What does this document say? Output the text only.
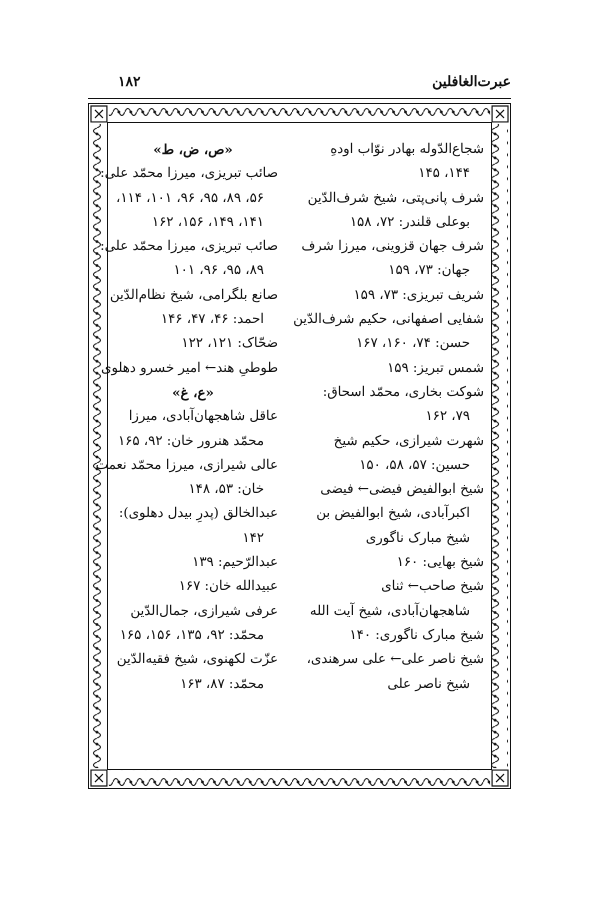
عبرت‌الغافلین
۱۸۲
شجاع‌الدّوله بهادر نوّاب اودهِ
۱۴۴، ۱۴۵
شرف پانی‌پتی، شیخ شرف‌الدّین
بوعلی قلندر: ۷۲، ۱۵۸
شرف جهان قزوینی، میرزا شرف
جهان: ۷۳، ۱۵۹
شریف تبریزی: ۷۳، ۱۵۹
شفایی اصفهانی، حکیم شرف‌الدّین
حسن: ۷۴، ۱۶۰، ۱۶۷
شمس تبریز: ۱۵۹
شوکت بخاری، محمّد اسحاق:
۷۹، ۱۶۲
شهرت شیرازی، حکیم شیخ
حسین: ۵۷، ۵۸، ۱۵۰
شیخ ابوالفیض فیضی← فیضی
اکبرآبادی، شیخ ابوالفیض بن
شیخ مبارک ناگوری
شیخ بهایی: ۱۶۰
شیخ صاحب← ثنای
شاهجهان‌آبادی، شیخ آیت الله
شیخ مبارک ناگوری: ۱۴۰
شیخ ناصر علی← علی سرهندی،
شیخ ناصر علی
«ص، ض، ط»
صائب تبریزی، میرزا محمّد علی:
۵۶، ۸۹، ۹۵، ۹۶، ۱۰۱، ۱۱۴،
۱۴۱، ۱۴۹، ۱۵۶، ۱۶۲
صائب تبریزی، میرزا محمّد علی:
۸۹، ۹۵، ۹۶، ۱۰۱
صانع بلگرامی، شیخ نظام‌الدّین
احمد: ۴۶، ۴۷، ۱۴۶
ضحّاک: ۱۲۱، ۱۲۲
طوطیِ هند← امیر خسرو دهلوی
«ع، غ»
عاقل شاهجهان‌آبادی، میرزا
محمّد هنرور خان: ۹۲، ۱۶۵
عالی شیرازی، میرزا محمّد نعمت
خان: ۵۳، ۱۴۸
عبدالخالق (پدرِ بیدل دهلوی):
۱۴۲
عبدالرّحیم: ۱۳۹
عبیدالله خان: ۱۶۷
عرفی شیرازی، جمال‌الدّین
محمّد: ۹۲، ۱۳۵، ۱۵۶، ۱۶۵
عزّت لکهنوی، شیخ فقیه‌الدّین
محمّد: ۸۷، ۱۶۳
